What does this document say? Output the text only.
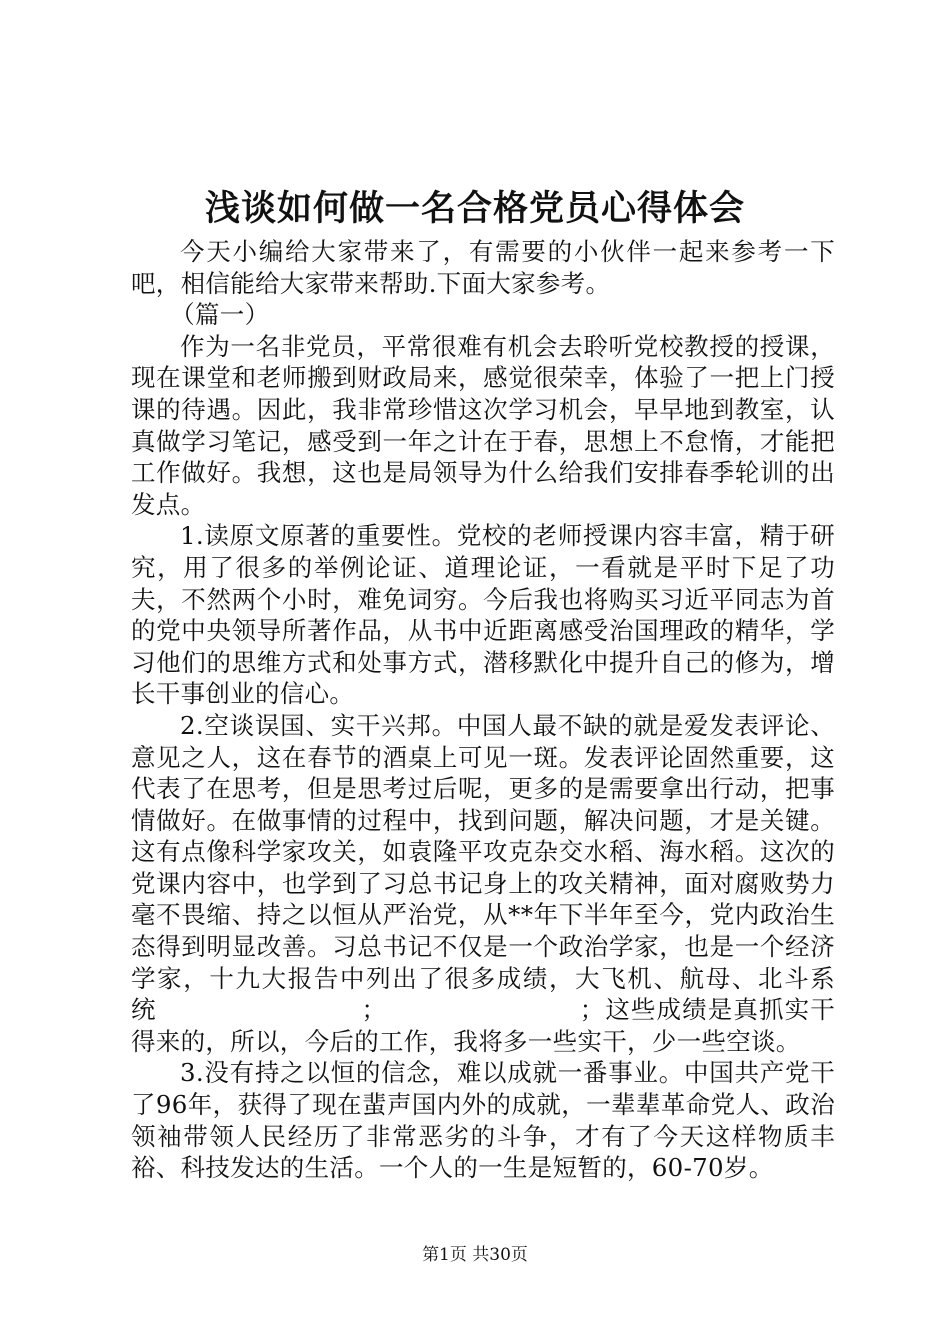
浅谈如何做一名合格党员心得体会

今天小编给大家带来了，有需要的小伙伴一起来参考一下吧，相信能给大家带来帮助.下面大家参考。

（篇一）

作为一名非党员，平常很难有机会去聆听党校教授的授课，现在课堂和老师搬到财政局来，感觉很荣幸，体验了一把上门授课的待遇。因此，我非常珍惜这次学习机会，早早地到教室，认真做学习笔记，感受到一年之计在于春，思想上不怠惰，才能把工作做好。我想，这也是局领导为什么给我们安排春季轮训的出发点。

1.读原文原著的重要性。党校的老师授课内容丰富，精于研究，用了很多的举例论证、道理论证，一看就是平时下足了功夫，不然两个小时，难免词穷。今后我也将购买习近平同志为首的党中央领导所著作品，从书中近距离感受治国理政的精华，学习他们的思维方式和处事方式，潜移默化中提升自己的修为，增长干事创业的信心。

2.空谈误国、实干兴邦。中国人最不缺的就是爱发表评论、意见之人，这在春节的酒桌上可见一斑。发表评论固然重要，这代表了在思考，但是思考过后呢，更多的是需要拿出行动，把事情做好。在做事情的过程中，找到问题，解决问题，才是关键。这有点像科学家攻关，如袁隆平攻克杂交水稻、海水稻。这次的党课内容中，也学到了习总书记身上的攻关精神，面对腐败势力毫不畏缩、持之以恒从严治党，从**年下半年至今，党内政治生态得到明显改善。习总书记不仅是一个政治学家，也是一个经济学家，十九大报告中列出了很多成绩，大飞机、航母、北斗系统　　　　　　　　；　　　　　　　　；这些成绩是真抓实干得来的，所以，今后的工作，我将多一些实干，少一些空谈。

3.没有持之以恒的信念，难以成就一番事业。中国共产党干了96年，获得了现在蜚声国内外的成就，一辈辈革命党人、政治领袖带领人民经历了非常恶劣的斗争，才有了今天这样物质丰裕、科技发达的生活。一个人的一生是短暂的，60-70岁。

第1页 共30页
